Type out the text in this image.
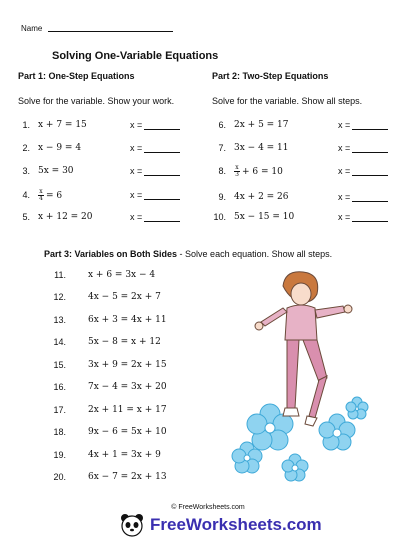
Name
Solving One-Variable Equations
Part 1: One-Step Equations	Part 2: Two-Step Equations
Solve for the variable. Show your work.	Solve for the variable. Show all steps.
1. x + 7 = 15	x =
2. x − 9 = 4	x =
3. 5x = 30	x =
4. $\frac{x}{4} = 6$	x =
5. x + 12 = 20	x =
6. 2x + 5 = 17	x =
7. 3x − 4 = 11	x =
8. $\frac{x}{3} + 6 = 10$	x =
9. 4x + 2 = 26	x =
10. 5x − 15 = 10	x =
Part 3: Variables on Both Sides - Solve each equation. Show all steps.
11. x + 6 = 3x − 4
12. 4x − 5 = 2x + 7
13. 6x + 3 = 4x + 11
14. 5x − 8 = x + 12
15. 3x + 9 = 2x + 15
16. 7x − 4 = 3x + 20
17. 2x + 11 = x + 17
18. 9x − 6 = 5x + 10
19. 4x + 1 = 3x + 9
20. 6x − 7 = 2x + 13
© FreeWorksheets.com
FreeWorksheets.com
